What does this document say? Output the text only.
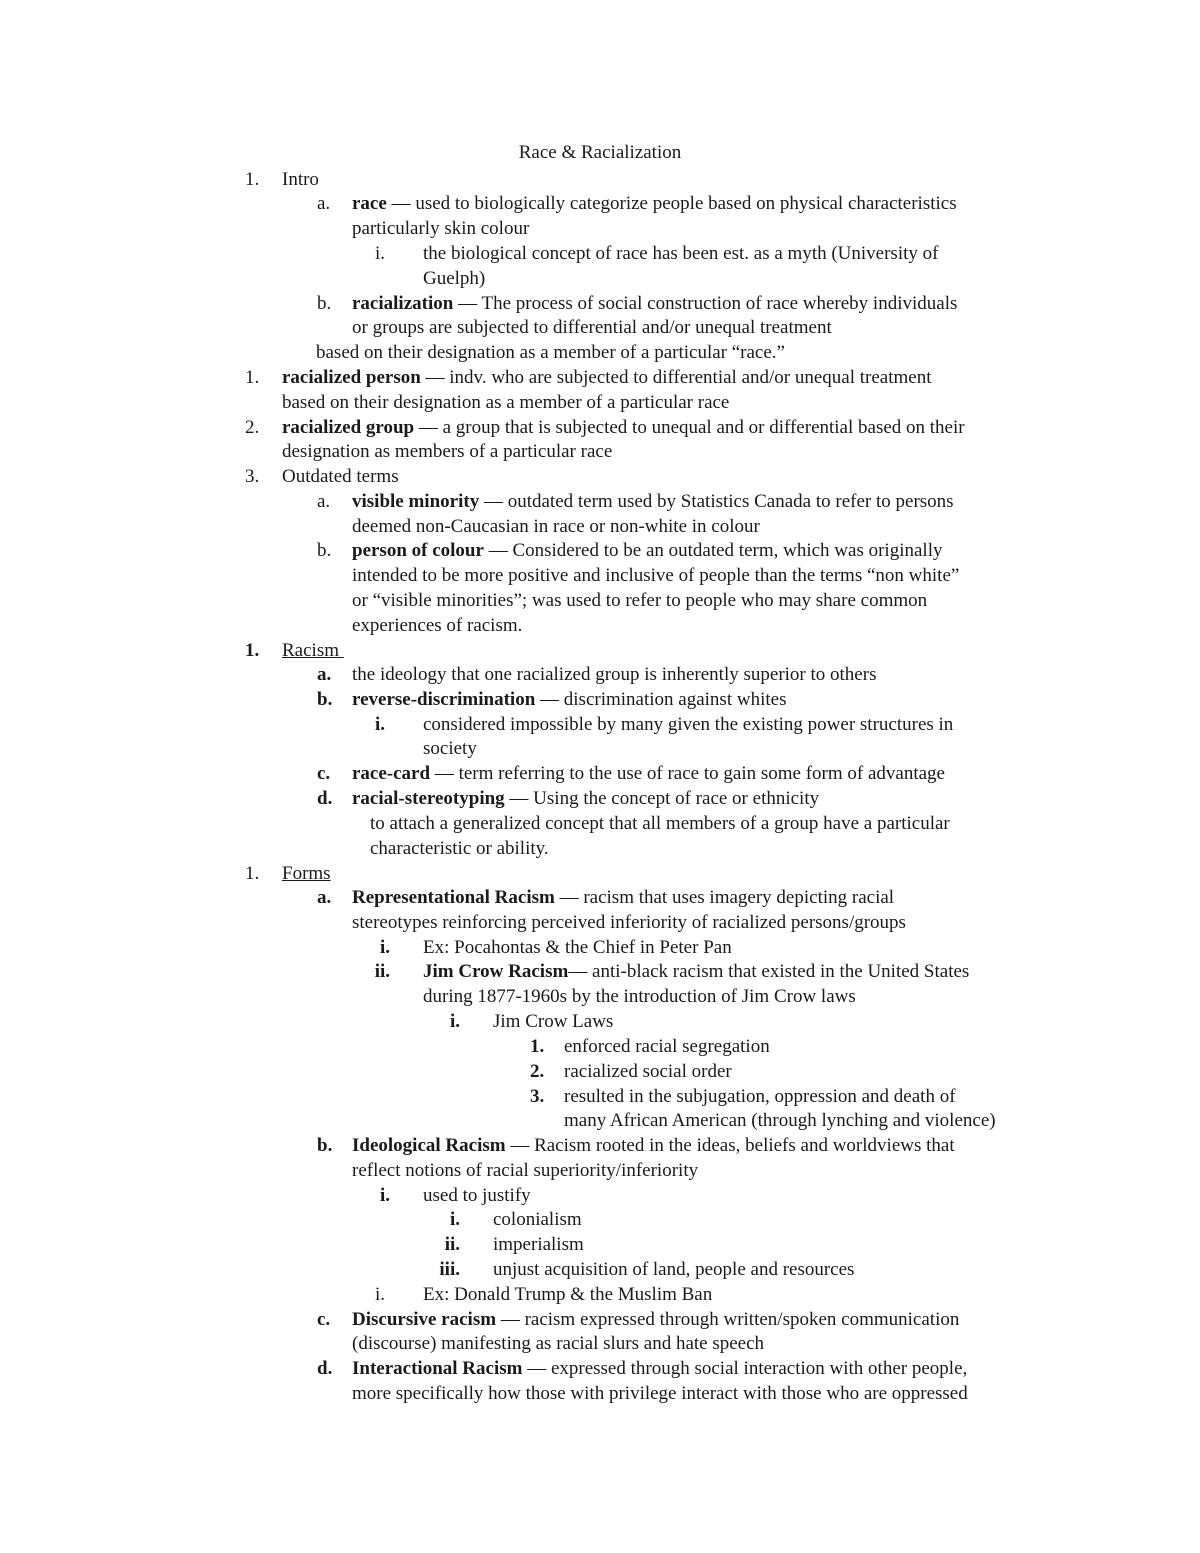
Race & Racialization
1. Intro
a. race — used to biologically categorize people based on physical characteristics
particularly skin colour
i. the biological concept of race has been est. as a myth (University of
Guelph)
b. racialization — The process of social construction of race whereby individuals
or groups are subjected to differential and/or unequal treatment
based on their designation as a member of a particular “race.”
1. racialized person — indv. who are subjected to differential and/or unequal treatment
based on their designation as a member of a particular race
2. racialized group — a group that is subjected to unequal and or differential based on their
designation as members of a particular race
3. Outdated terms
a. visible minority — outdated term used by Statistics Canada to refer to persons
deemed non-Caucasian in race or non-white in colour
b. person of colour — Considered to be an outdated term, which was originally
intended to be more positive and inclusive of people than the terms “non white”
or “visible minorities”; was used to refer to people who may share common
experiences of racism.
1. Racism
a. the ideology that one racialized group is inherently superior to others
b. reverse-discrimination — discrimination against whites
i. considered impossible by many given the existing power structures in
society
c. race-card — term referring to the use of race to gain some form of advantage
d. racial-stereotyping — Using the concept of race or ethnicity
to attach a generalized concept that all members of a group have a particular
characteristic or ability.
1. Forms
a. Representational Racism — racism that uses imagery depicting racial
stereotypes reinforcing perceived inferiority of racialized persons/groups
i. Ex: Pocahontas & the Chief in Peter Pan
ii. Jim Crow Racism— anti-black racism that existed in the United States
during 1877-1960s by the introduction of Jim Crow laws
i. Jim Crow Laws
1. enforced racial segregation
2. racialized social order
3. resulted in the subjugation, oppression and death of
many African American (through lynching and violence)
b. Ideological Racism — Racism rooted in the ideas, beliefs and worldviews that
reflect notions of racial superiority/inferiority
i. used to justify
i. colonialism
ii. imperialism
iii. unjust acquisition of land, people and resources
i. Ex: Donald Trump & the Muslim Ban
c. Discursive racism — racism expressed through written/spoken communication
(discourse) manifesting as racial slurs and hate speech
d. Interactional Racism — expressed through social interaction with other people,
more specifically how those with privilege interact with those who are oppressed
